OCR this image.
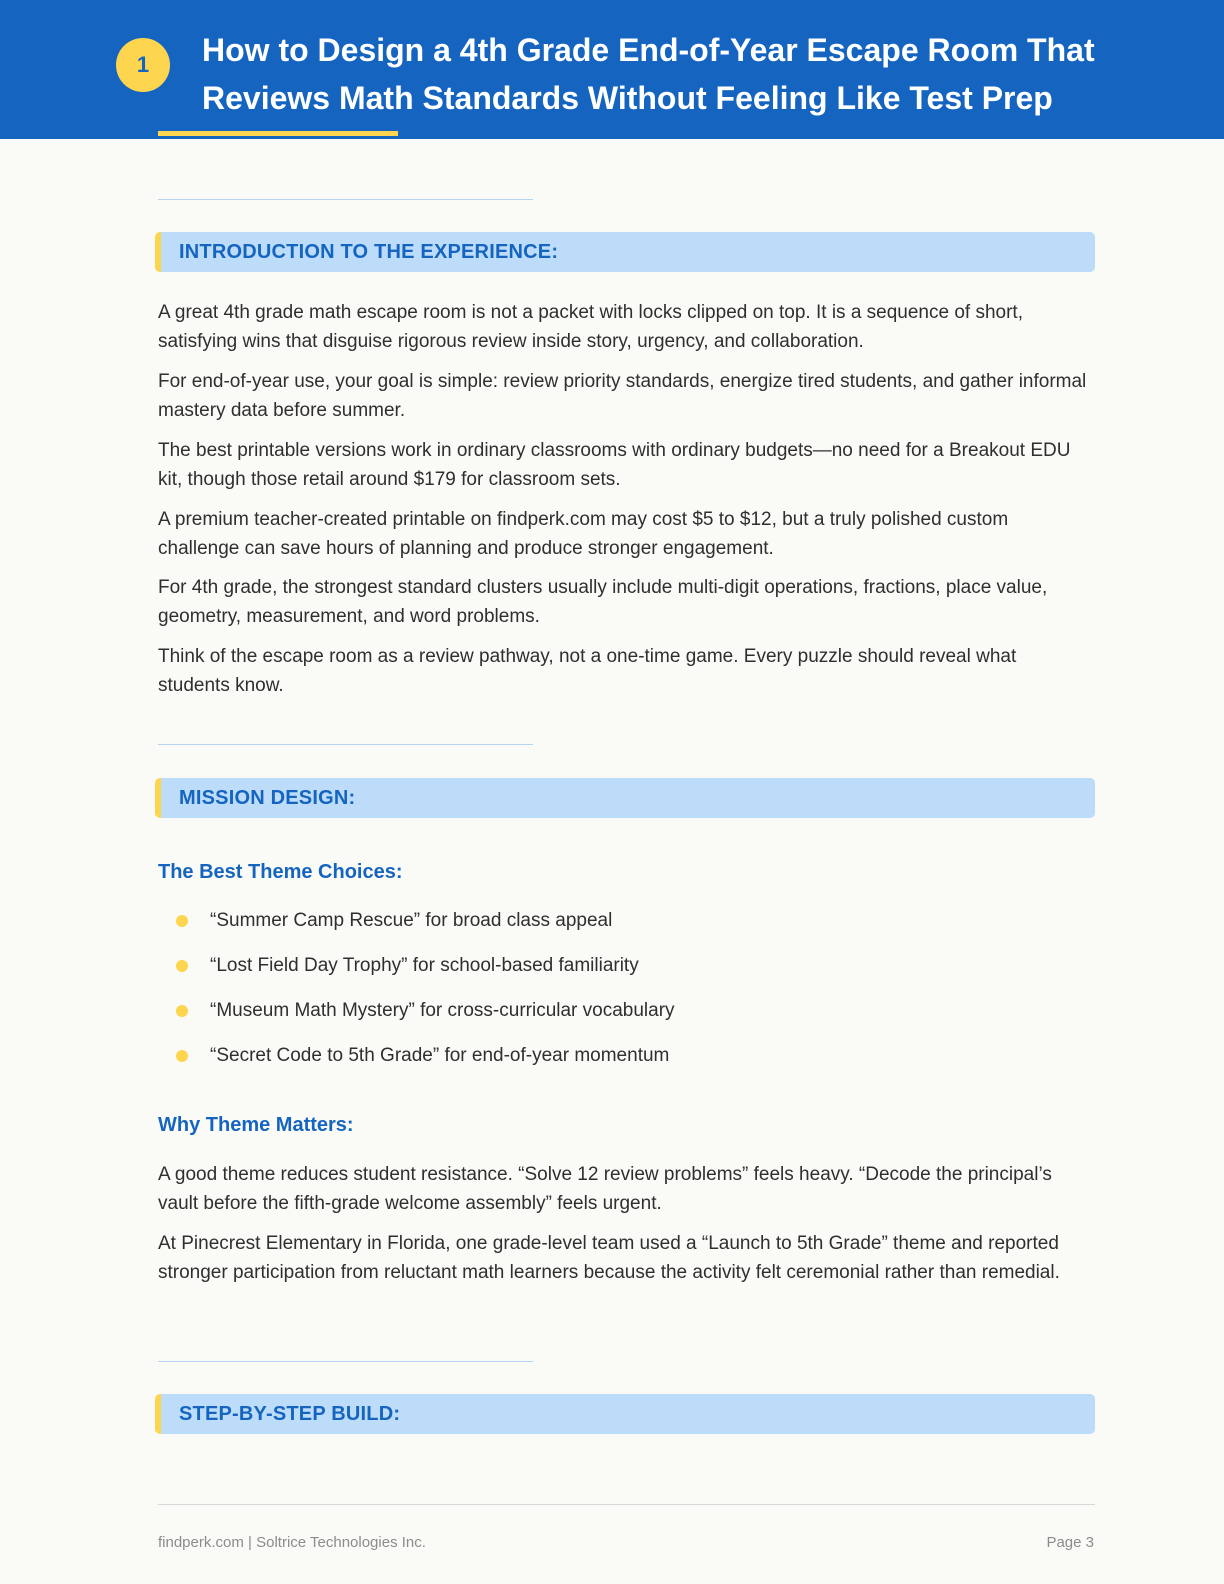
1	How to Design a 4th Grade End-of-Year Escape Room That
Reviews Math Standards Without Feeling Like Test Prep
INTRODUCTION TO THE EXPERIENCE:

A great 4th grade math escape room is not a packet with locks clipped on top. It is a sequence of short, satisfying wins that disguise rigorous review inside story, urgency, and collaboration.

For end-of-year use, your goal is simple: review priority standards, energize tired students, and gather informal mastery data before summer.

The best printable versions work in ordinary classrooms with ordinary budgets—no need for a Breakout EDU kit, though those retail around $179 for classroom sets.

A premium teacher-created printable on findperk.com may cost $5 to $12, but a truly polished custom challenge can save hours of planning and produce stronger engagement.

For 4th grade, the strongest standard clusters usually include multi-digit operations, fractions, place value, geometry, measurement, and word problems.

Think of the escape room as a review pathway, not a one-time game. Every puzzle should reveal what students know.

MISSION DESIGN:
The Best Theme Choices:
“Summer Camp Rescue” for broad class appeal
“Lost Field Day Trophy” for school-based familiarity
“Museum Math Mystery” for cross-curricular vocabulary
“Secret Code to 5th Grade” for end-of-year momentum
Why Theme Matters:

A good theme reduces student resistance. “Solve 12 review problems” feels heavy. “Decode the principal’s vault before the fifth-grade welcome assembly” feels urgent.

At Pinecrest Elementary in Florida, one grade-level team used a “Launch to 5th Grade” theme and reported stronger participation from reluctant math learners because the activity felt ceremonial rather than remedial.

STEP-BY-STEP BUILD:
findperk.com | Soltrice Technologies Inc.	Page 3
